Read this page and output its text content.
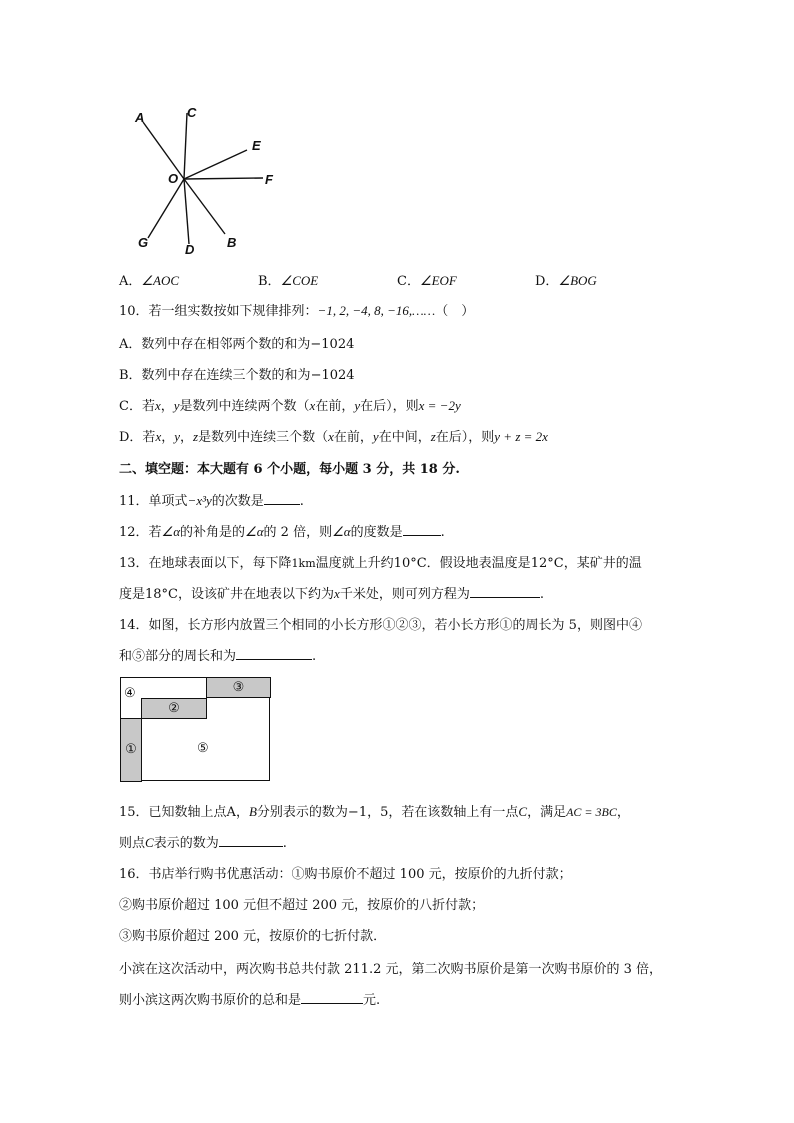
A	C
E
F
O
G	D	B
A．∠AOC	B．∠COE	C．∠EOF	D．∠BOG
10．若一组实数按如下规律排列：−1, 2, −4, 8, −16,……（　）
A．数列中存在相邻两个数的和为−1024
B．数列中存在连续三个数的和为−1024
C．若x，y是数列中连续两个数（x在前，y在后），则x = −2y
D．若x，y，z是数列中连续三个数（x在前，y在中间，z在后），则y + z = 2x
二、填空题：本大题有 6 个小题，每小题 3 分，共 18 分.
11．单项式−x³y的次数是	.
12．若∠α的补角是的∠α的 2 倍，则∠α的度数是	.
13．在地球表面以下，每下降1km温度就上升约10°C．假设地表温度是12°C，某矿井的温
度是18°C，设该矿井在地表以下约为x千米处，则可列方程为	.
14．如图，长方形内放置三个相同的小长方形①②③，若小长方形①的周长为 5，则图中④
和⑤部分的周长和为	.
③
②
①
④
⑤
15．已知数轴上点A，B分别表示的数为−1，5，若在该数轴上有一点C，满足AC = 3BC，
则点C表示的数为	.
16．书店举行购书优惠活动：①购书原价不超过 100 元，按原价的九折付款；
②购书原价超过 100 元但不超过 200 元，按原价的八折付款；
③购书原价超过 200 元，按原价的七折付款．
小滨在这次活动中，两次购书总共付款 211.2 元，第二次购书原价是第一次购书原价的 3 倍，
则小滨这两次购书原价的总和是	元.
